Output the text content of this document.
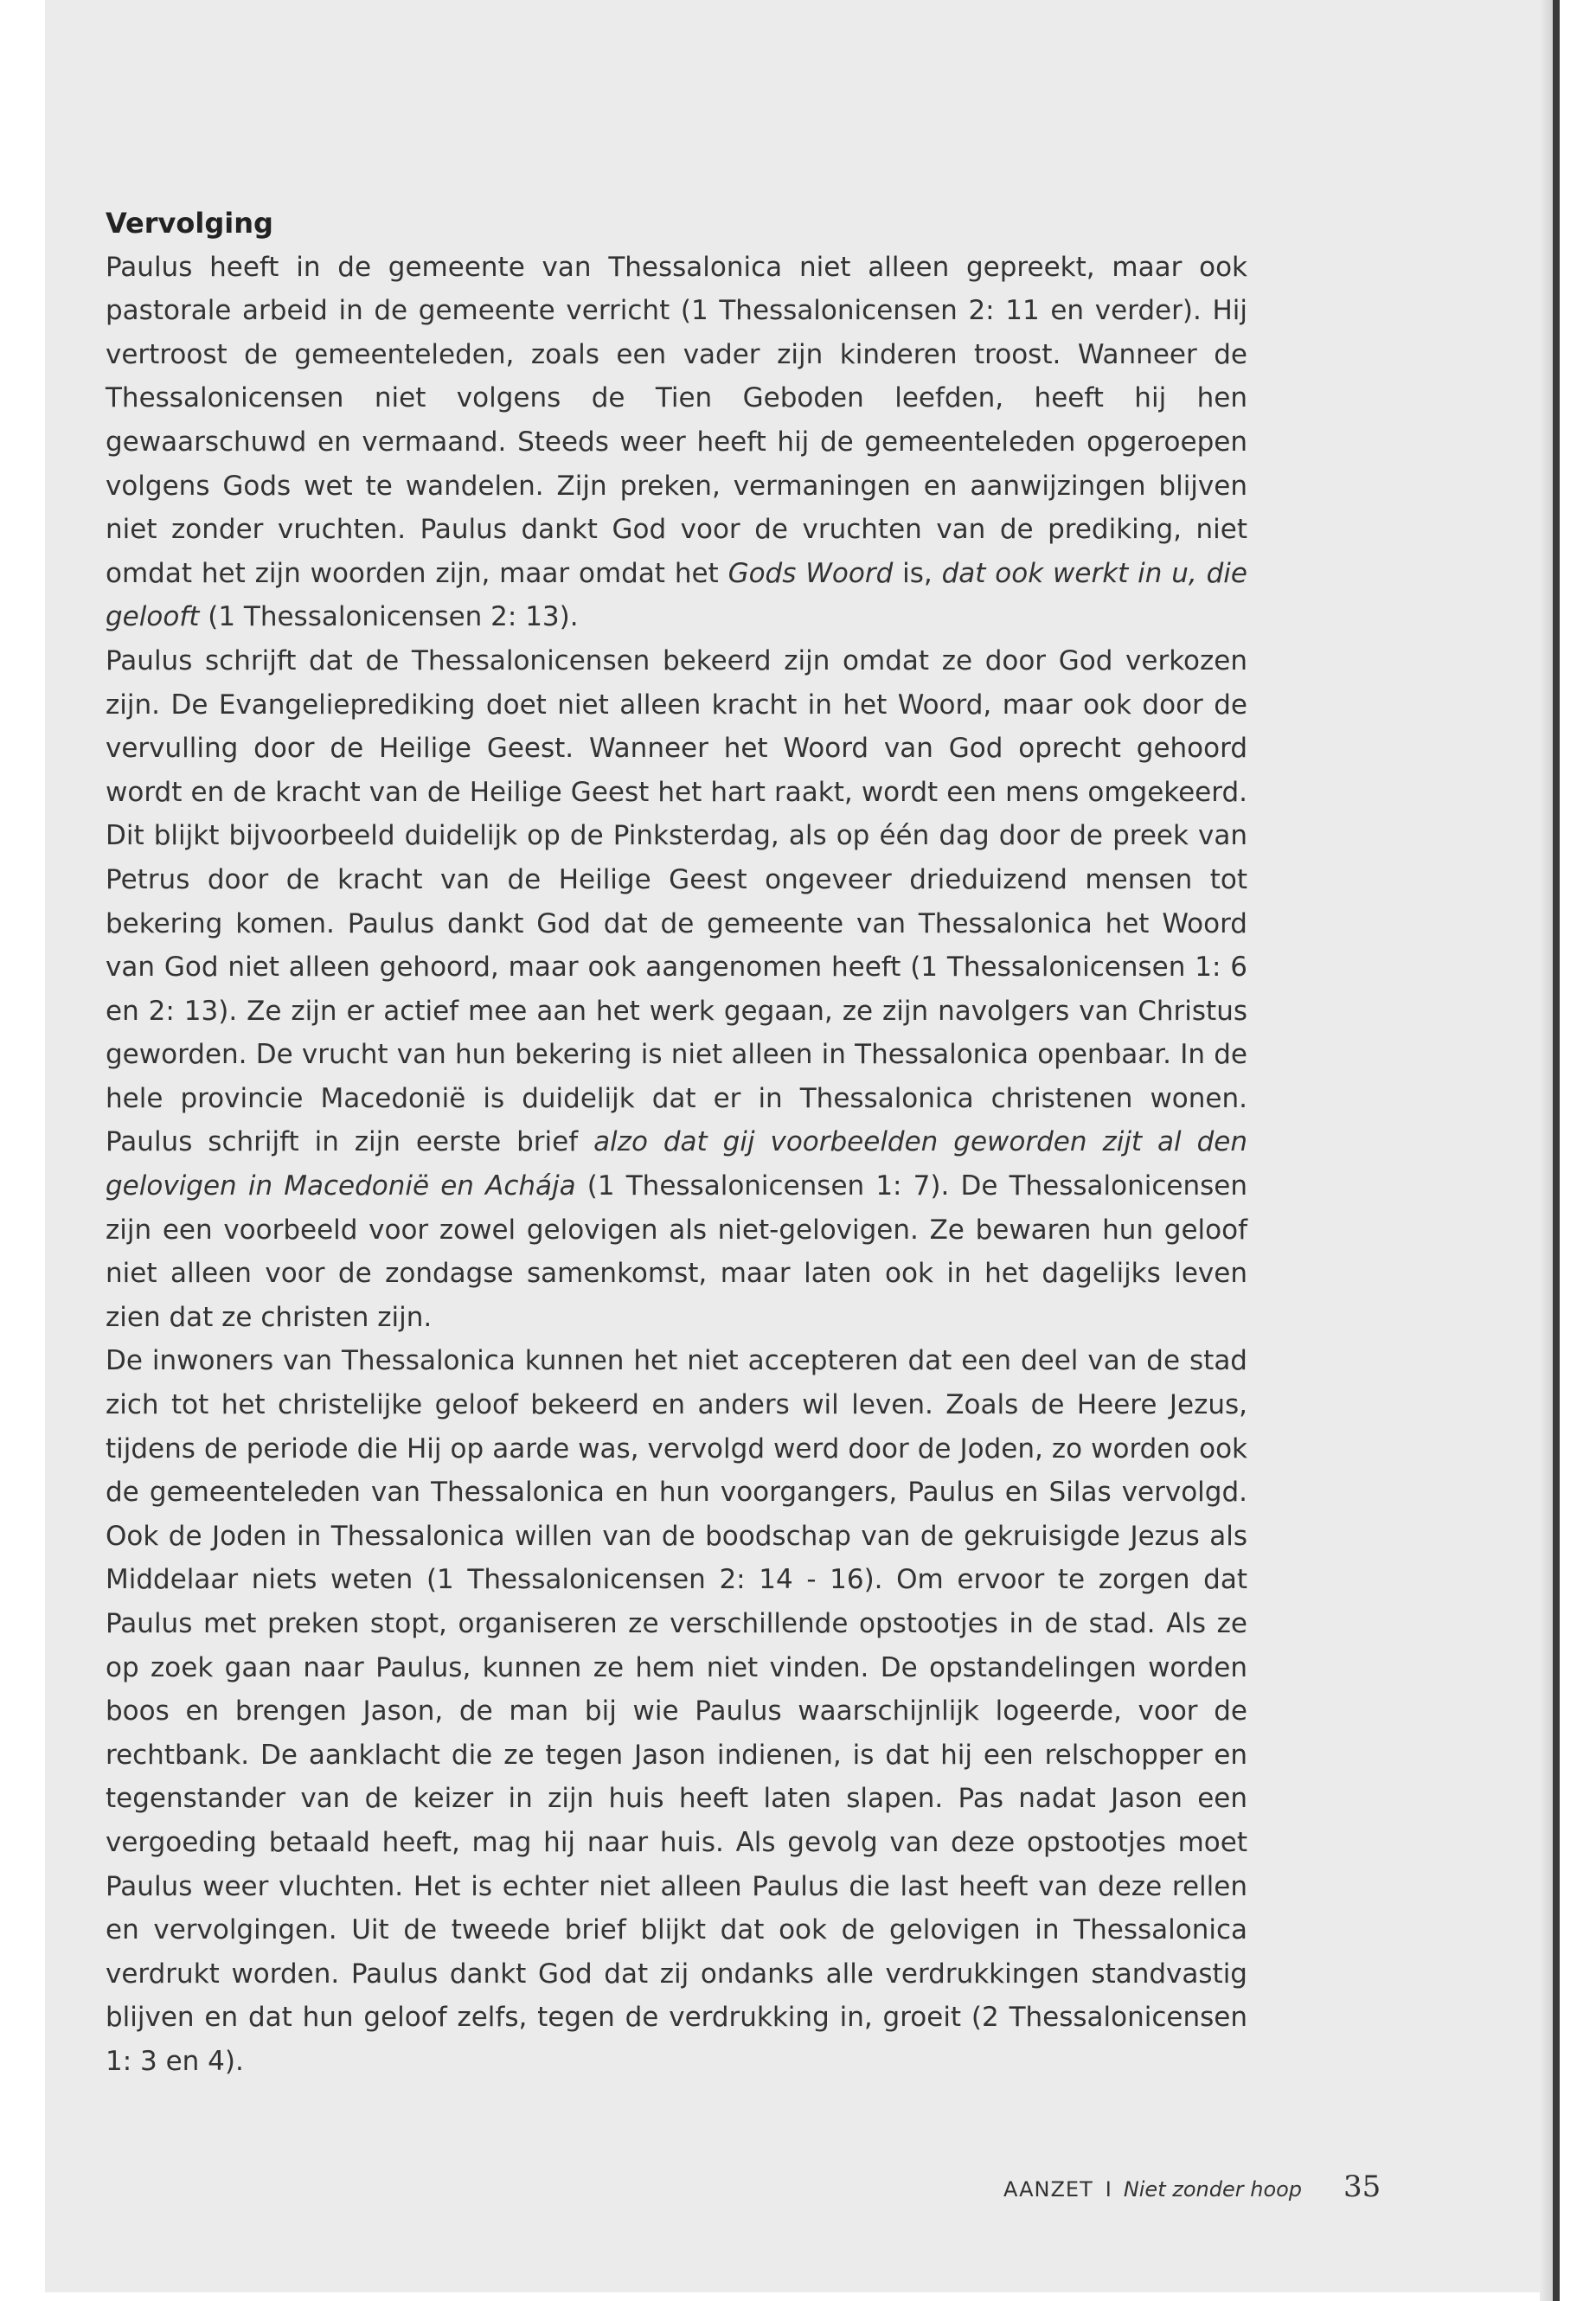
Vervolging

Paulus heeft in de gemeente van Thessalonica niet alleen gepreekt, maar ook pastorale arbeid in de gemeente verricht (1 Thessalonicensen 2: 11 en verder). Hij vertroost de gemeenteleden, zoals een vader zijn kinderen troost. Wanneer de Thessalonicensen niet volgens de Tien Geboden leefden, heeft hij hen gewaarschuwd en vermaand. Steeds weer heeft hij de gemeenteleden opgeroepen volgens Gods wet te wandelen. Zijn preken, vermaningen en aanwijzingen blijven niet zonder vruchten. Paulus dankt God voor de vruchten van de prediking, niet omdat het zijn woorden zijn, maar omdat het Gods Woord is, dat ook werkt in u, die gelooft (1 Thessalonicensen 2: 13).

Paulus schrijft dat de Thessalonicensen bekeerd zijn omdat ze door God verkozen zijn. De Evangelieprediking doet niet alleen kracht in het Woord, maar ook door de vervulling door de Heilige Geest. Wanneer het Woord van God oprecht gehoord wordt en de kracht van de Heilige Geest het hart raakt, wordt een mens omgekeerd. Dit blijkt bijvoorbeeld duidelijk op de Pinksterdag, als op één dag door de preek van Petrus door de kracht van de Heilige Geest ongeveer drieduizend mensen tot bekering komen. Paulus dankt God dat de gemeente van Thessalonica het Woord van God niet alleen gehoord, maar ook aangenomen heeft (1 Thessalonicensen 1: 6 en 2: 13). Ze zijn er actief mee aan het werk gegaan, ze zijn navolgers van Christus geworden. De vrucht van hun bekering is niet alleen in Thessalonica openbaar. In de hele provincie Macedonië is duidelijk dat er in Thessalonica christenen wonen. Paulus schrijft in zijn eerste brief alzo dat gij voorbeelden geworden zijt al den gelovigen in Macedonië en Achája (1 Thessalonicensen 1: 7). De Thessalonicensen zijn een voorbeeld voor zowel gelovigen als niet-gelovigen. Ze bewaren hun geloof niet alleen voor de zondagse samenkomst, maar laten ook in het dagelijks leven zien dat ze christen zijn.

De inwoners van Thessalonica kunnen het niet accepteren dat een deel van de stad zich tot het christelijke geloof bekeerd en anders wil leven. Zoals de Heere Jezus, tijdens de periode die Hij op aarde was, vervolgd werd door de Joden, zo worden ook de gemeenteleden van Thessalonica en hun voorgangers, Paulus en Silas vervolgd. Ook de Joden in Thessalonica willen van de boodschap van de gekruisigde Jezus als Middelaar niets weten (1 Thessalonicensen 2: 14 - 16). Om ervoor te zorgen dat Paulus met preken stopt, organiseren ze verschillende opstootjes in de stad. Als ze op zoek gaan naar Paulus, kunnen ze hem niet vinden. De opstandelingen worden boos en brengen Jason, de man bij wie Paulus waarschijnlijk logeerde, voor de rechtbank. De aanklacht die ze tegen Jason indienen, is dat hij een relschopper en tegenstander van de keizer in zijn huis heeft laten slapen. Pas nadat Jason een vergoeding betaald heeft, mag hij naar huis. Als gevolg van deze opstootjes moet Paulus weer vluchten. Het is echter niet alleen Paulus die last heeft van deze rellen en vervolgingen. Uit de tweede brief blijkt dat ook de gelovigen in Thessalonica verdrukt worden. Paulus dankt God dat zij ondanks alle verdrukkingen standvastig blijven en dat hun geloof zelfs, tegen de verdrukking in, groeit (2 Thessalonicensen 1: 3 en 4).

AANZET I Niet zonder hoop 35
